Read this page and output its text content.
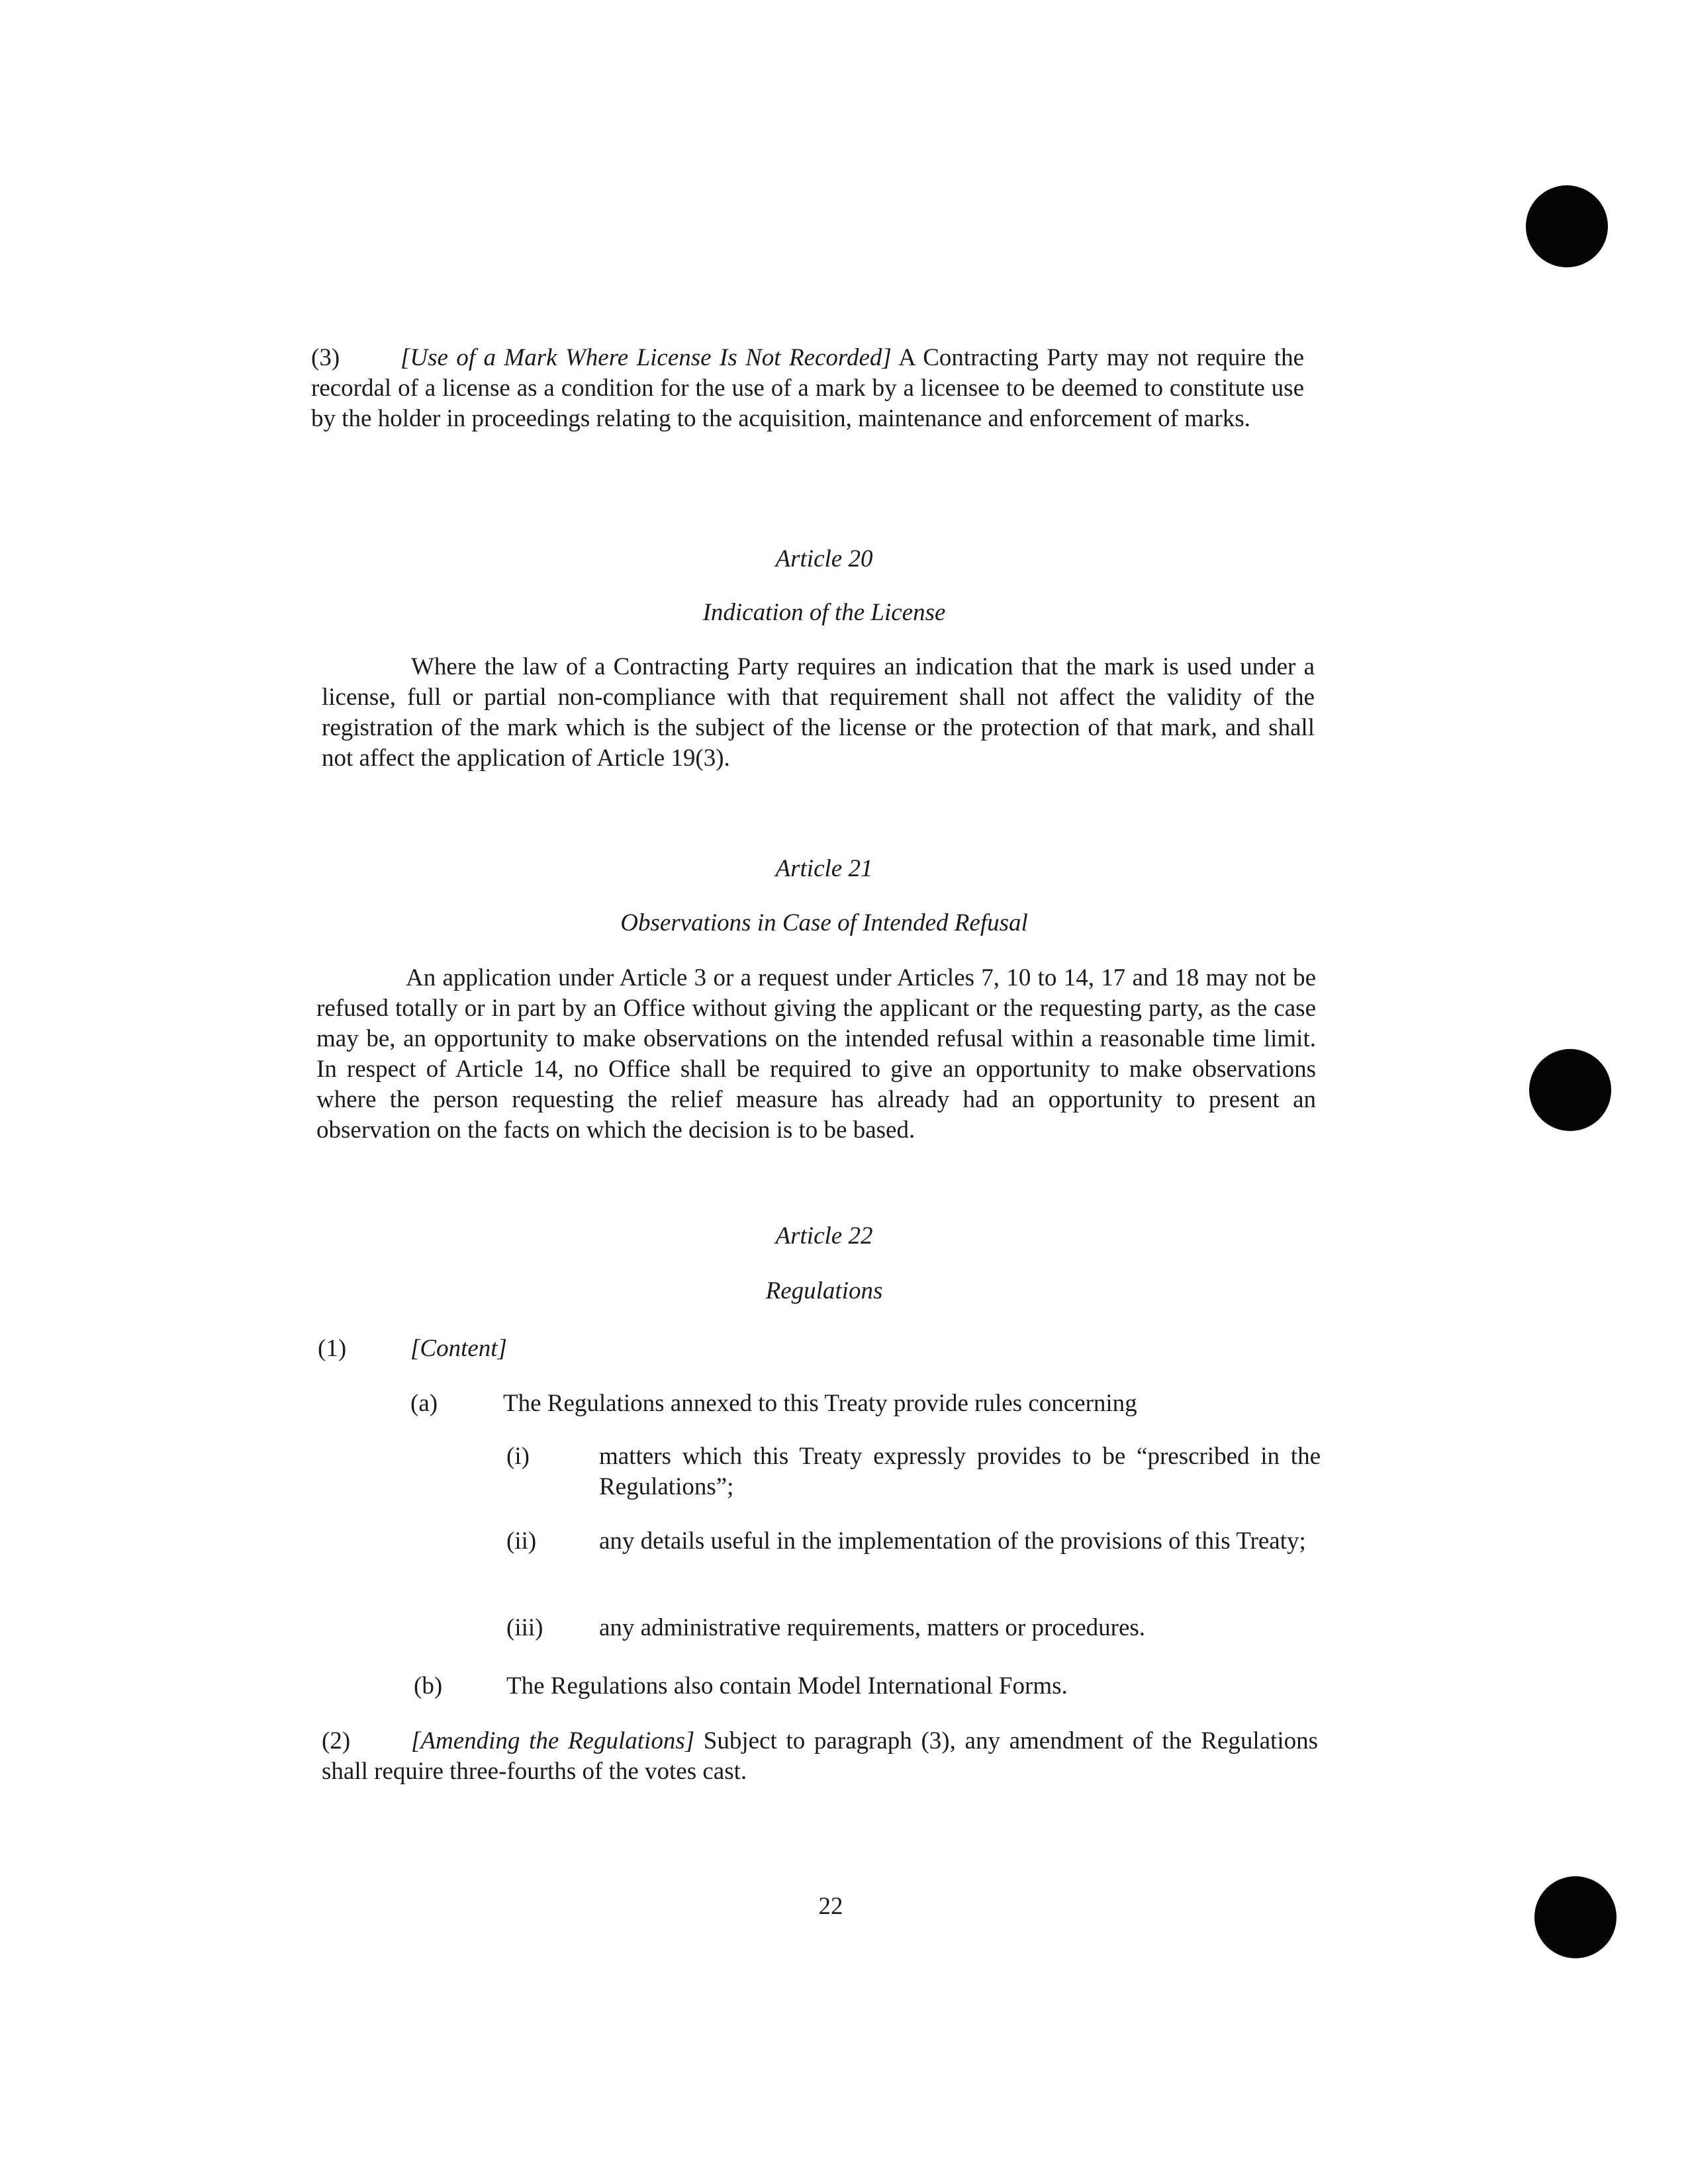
(3) [Use of a Mark Where License Is Not Recorded] A Contracting Party may not require the recordal of a license as a condition for the use of a mark by a licensee to be deemed to constitute use by the holder in proceedings relating to the acquisition, maintenance and enforcement of marks.
Article 20
Indication of the License
Where the law of a Contracting Party requires an indication that the mark is used under a license, full or partial non-compliance with that requirement shall not affect the validity of the registration of the mark which is the subject of the license or the protection of that mark, and shall not affect the application of Article 19(3).
Article 21
Observations in Case of Intended Refusal
An application under Article 3 or a request under Articles 7, 10 to 14, 17 and 18 may not be refused totally or in part by an Office without giving the applicant or the requesting party, as the case may be, an opportunity to make observations on the intended refusal within a reasonable time limit. In respect of Article 14, no Office shall be required to give an opportunity to make observations where the person requesting the relief measure has already had an opportunity to present an observation on the facts on which the decision is to be based.
Article 22
Regulations
(1)	[Content]
(a)	The Regulations annexed to this Treaty provide rules concerning
(i)	matters which this Treaty expressly provides to be “prescribed in the Regulations”;
(ii)	any details useful in the implementation of the provisions of this Treaty;
(iii) any administrative requirements, matters or procedures.
(b)	The Regulations also contain Model International Forms.
(2) [Amending the Regulations] Subject to paragraph (3), any amendment of the Regulations shall require three-fourths of the votes cast.
22
